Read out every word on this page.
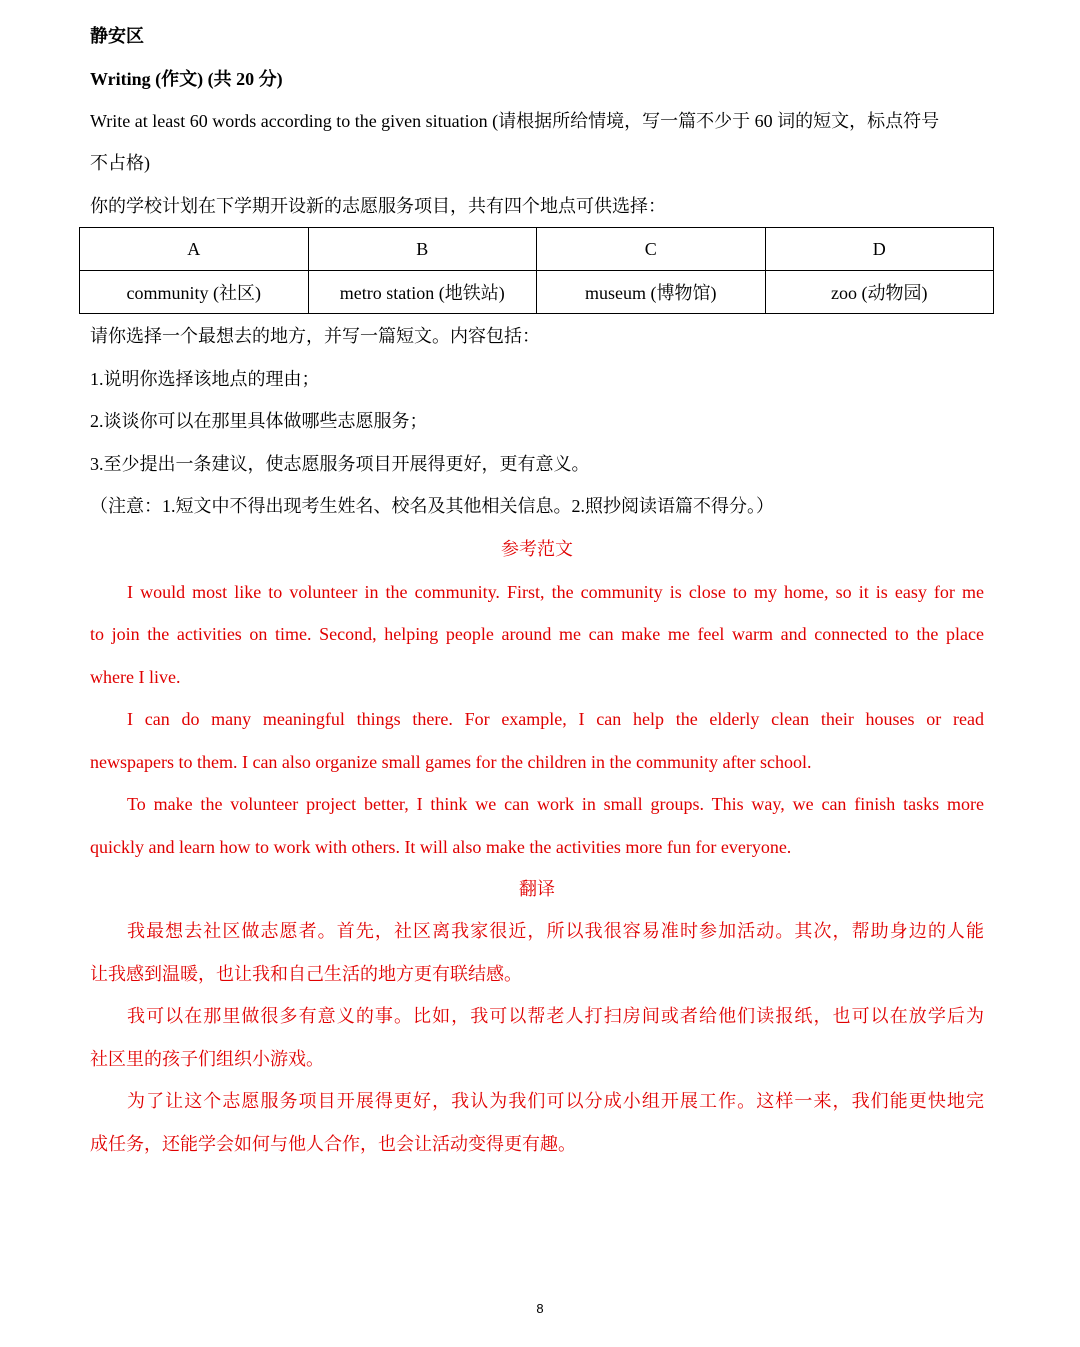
静安区
Writing (作文) (共 20 分)
Write at least 60 words according to the given situation (请根据所给情境，写一篇不少于 60 词的短文，标点符号
不占格)
你的学校计划在下学期开设新的志愿服务项目，共有四个地点可供选择：
A	B	C	D
community (社区)	metro station (地铁站)	museum (博物馆)	zoo (动物园)
请你选择一个最想去的地方，并写一篇短文。内容包括：
1.说明你选择该地点的理由；
2.谈谈你可以在那里具体做哪些志愿服务；
3.至少提出一条建议，使志愿服务项目开展得更好，更有意义。
（注意：1.短文中不得出现考生姓名、校名及其他相关信息。2.照抄阅读语篇不得分。）
参考范文
I would most like to volunteer in the community. First, the community is close to my home, so it is easy for me
to join the activities on time. Second, helping people around me can make me feel warm and connected to the place
where I live.
I can do many meaningful things there. For example, I can help the elderly clean their houses or read
newspapers to them. I can also organize small games for the children in the community after school.
To make the volunteer project better, I think we can work in small groups. This way, we can finish tasks more
quickly and learn how to work with others. It will also make the activities more fun for everyone.
翻译
我最想去社区做志愿者。首先，社区离我家很近，所以我很容易准时参加活动。其次，帮助身边的人能
让我感到温暖，也让我和自己生活的地方更有联结感。
我可以在那里做很多有意义的事。比如，我可以帮老人打扫房间或者给他们读报纸，也可以在放学后为
社区里的孩子们组织小游戏。
为了让这个志愿服务项目开展得更好，我认为我们可以分成小组开展工作。这样一来，我们能更快地完
成任务，还能学会如何与他人合作，也会让活动变得更有趣。
8
